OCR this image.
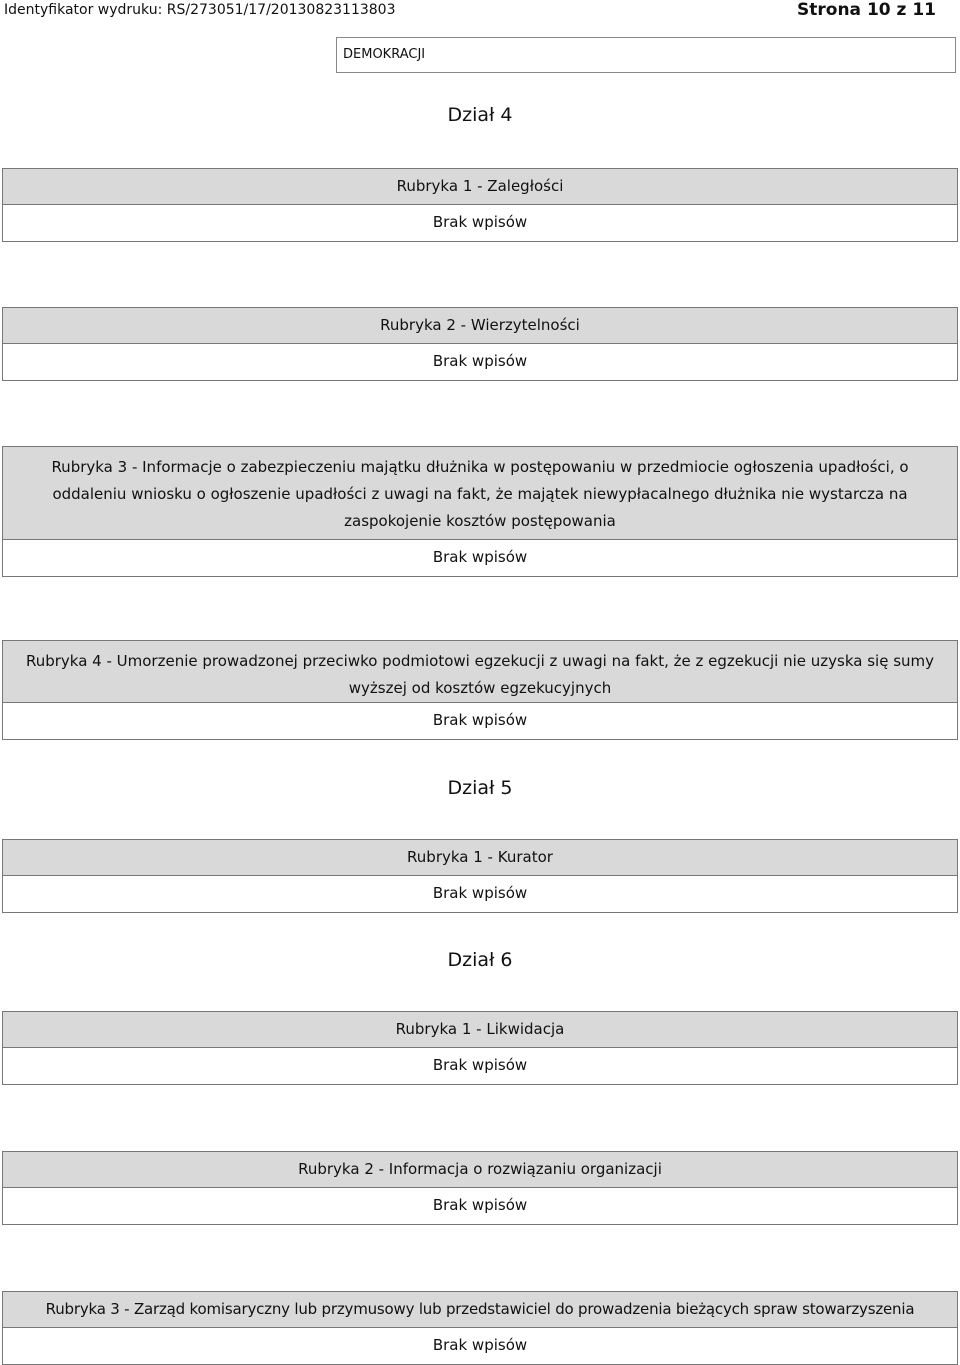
Identyfikator wydruku: RS/273051/17/20130823113803	Strona 10 z 11
DEMOKRACJI
Dział 4
Rubryka 1 - Zaległości
Brak wpisów
Rubryka 2 - Wierzytelności
Brak wpisów
Rubryka 3 - Informacje o zabezpieczeniu majątku dłużnika w postępowaniu w przedmiocie ogłoszenia upadłości, o oddaleniu wniosku o ogłoszenie upadłości z uwagi na fakt, że majątek niewypłacalnego dłużnika nie wystarcza na zaspokojenie kosztów postępowania
Brak wpisów
Rubryka 4 - Umorzenie prowadzonej przeciwko podmiotowi egzekucji z uwagi na fakt, że z egzekucji nie uzyska się sumy wyższej od kosztów egzekucyjnych
Brak wpisów
Dział 5
Rubryka 1 - Kurator
Brak wpisów
Dział 6
Rubryka 1 - Likwidacja
Brak wpisów
Rubryka 2 - Informacja o rozwiązaniu organizacji
Brak wpisów
Rubryka 3 - Zarząd komisaryczny lub przymusowy lub przedstawiciel do prowadzenia bieżących spraw stowarzyszenia
Brak wpisów
